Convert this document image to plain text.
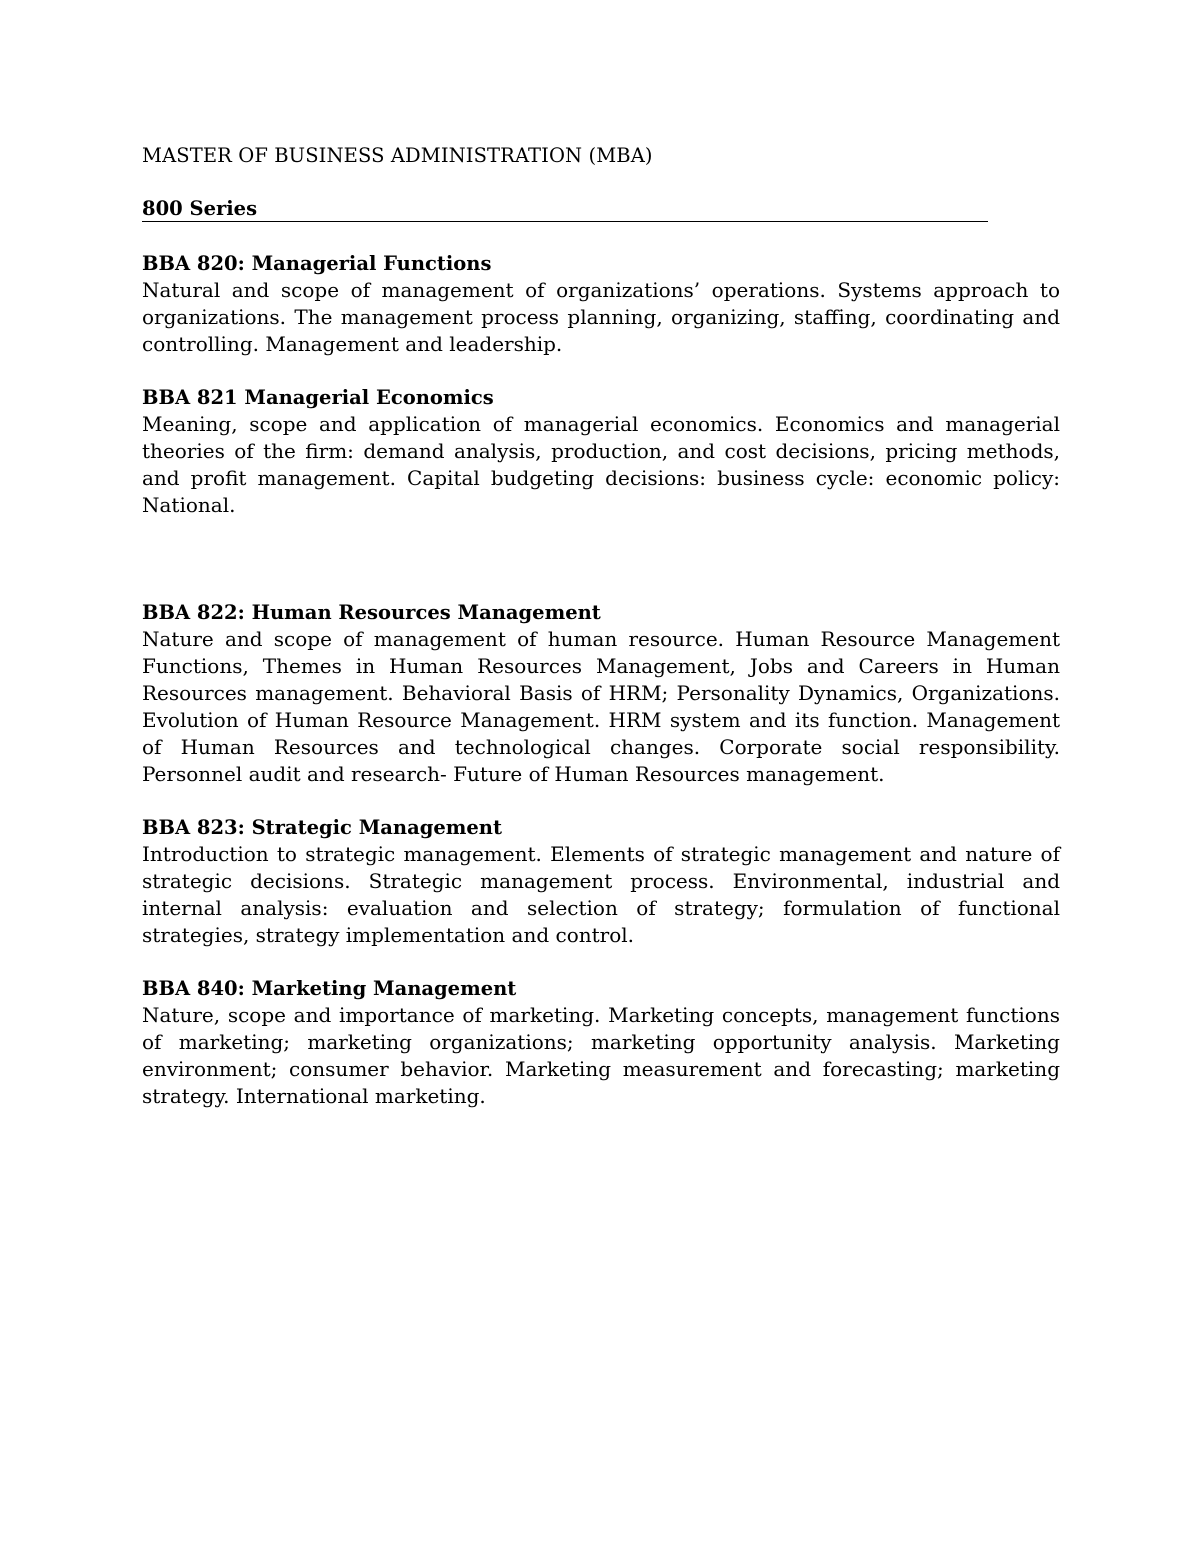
MASTER OF BUSINESS ADMINISTRATION (MBA)
800 Series
BBA 820: Managerial Functions

Natural and scope of management of organizations’ operations. Systems approach to organizations. The management process planning, organizing, staffing, coordinating and controlling. Management and leadership.

BBA 821 Managerial Economics

Meaning, scope and application of managerial economics. Economics and managerial theories of the firm: demand analysis, production, and cost decisions, pricing methods, and profit management. Capital budgeting decisions: business cycle: economic policy: National.

BBA 822: Human Resources Management

Nature and scope of management of human resource. Human Resource Management Functions, Themes in Human Resources Management, Jobs and Careers in Human Resources management. Behavioral Basis of HRM; Personality Dynamics, Organizations. Evolution of Human Resource Management. HRM system and its function. Management of Human Resources and technological changes. Corporate social responsibility. Personnel audit and research- Future of Human Resources management.

BBA 823: Strategic Management

Introduction to strategic management. Elements of strategic management and nature of strategic decisions. Strategic management process. Environmental, industrial and internal analysis: evaluation and selection of strategy; formulation of functional strategies, strategy implementation and control.

BBA 840: Marketing Management

Nature, scope and importance of marketing. Marketing concepts, management functions of marketing; marketing organizations; marketing opportunity analysis. Marketing environment; consumer behavior. Marketing measurement and forecasting; marketing strategy. International marketing.
